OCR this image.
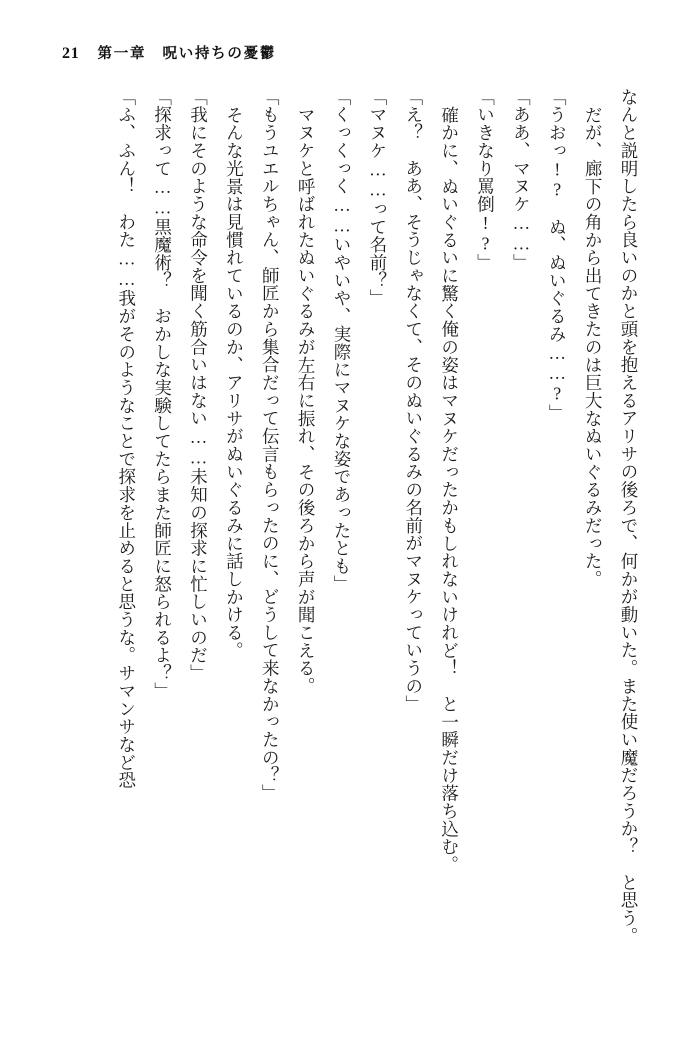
21 第一章　呪い持ちの憂鬱

なんと説明したら良いのかと頭を抱えるアリサの後ろで、何かが動いた。また使い魔だろうか？　と思う。

だが、廊下の角から出てきたのは巨大なぬいぐるみだった。

「うおっ!?　ぬ、ぬいぐるみ……?」

「ああ、マヌケ……」

「いきなり罵倒!?」

確かに、ぬいぐるいに驚く俺の姿はマヌケだったかもしれないけれど！　と一瞬だけ落ち込む。

「え？　ああ、そうじゃなくて、そのぬいぐるみの名前がマヌケっていうの」

「マヌケ……って名前？」

「くっくっく……いやいや、実際にマヌケな姿であったとも」

マヌケと呼ばれたぬいぐるみが左右に振れ、その後ろから声が聞こえる。

「もうユエルちゃん、師匠から集合だって伝言もらったのに、どうして来なかったの？」

そんな光景は見慣れているのか、アリサがぬいぐるみに話しかける。

「我にそのような命令を聞く筋合いはない……未知の探求に忙しいのだ」

「探求って……黒魔術？　おかしな実験してたらまた師匠に怒られるよ？」

「ふ、ふん！　わた……我がそのようなことで探求を止めると思うな。サマンサなど恐
